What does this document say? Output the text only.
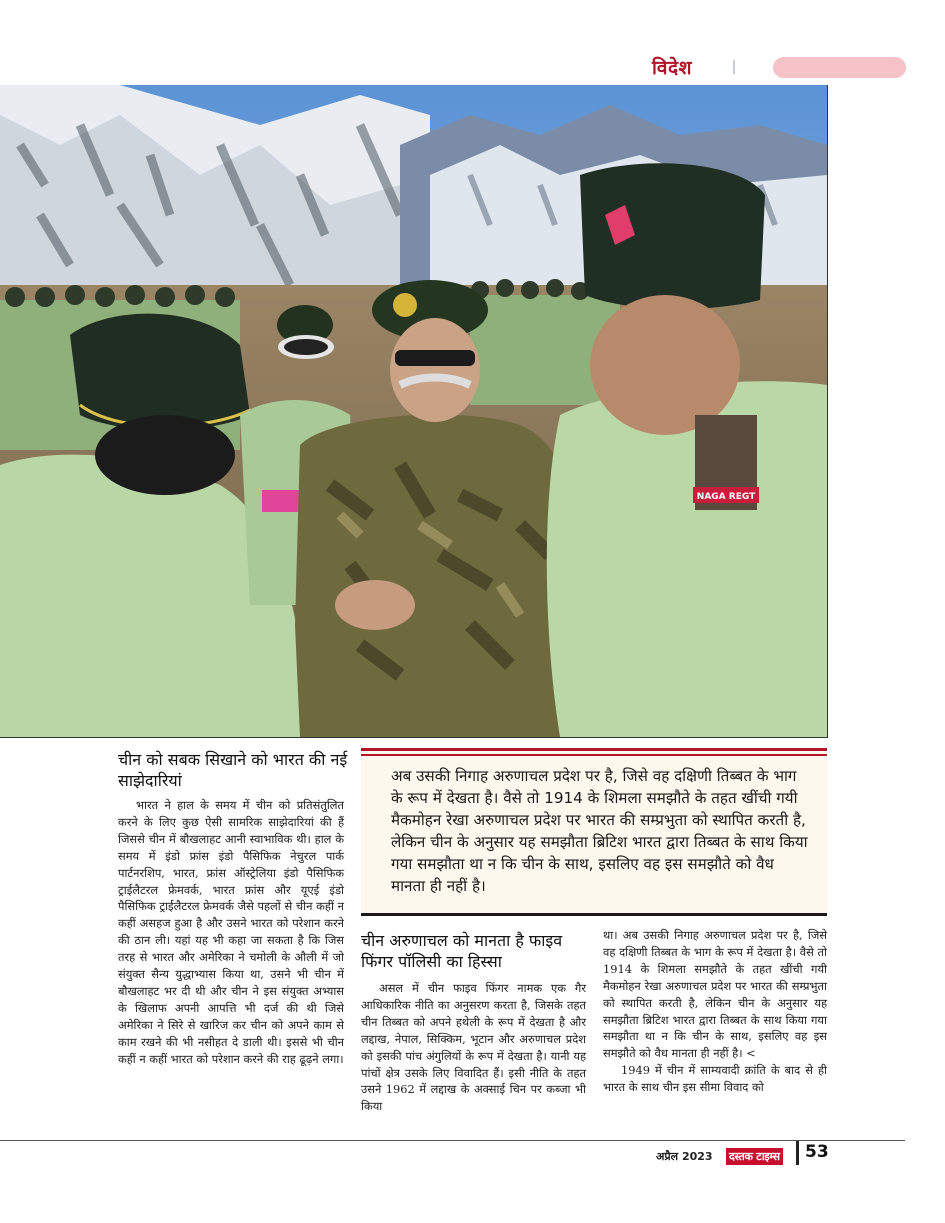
विदेश
NAGA REGT
चीन को सबक सिखाने को भारत की नई साझेदारियां

भारत ने हाल के समय में चीन को प्रतिसंतुलित करने के लिए कुछ ऐसी सामरिक साझेदारियां की हैं जिससे चीन में बौखलाहट आनी स्वाभाविक थी। हाल के समय में इंडो फ्रांस इंडो पैसिफिक नेचुरल पार्क पार्टनरशिप, भारत, फ्रांस ऑस्ट्रेलिया इंडो पैसिफिक ट्राईलैटरल फ्रेमवर्क, भारत फ्रांस और यूएई इंडो पैसिफिक ट्राईलैटरल फ्रेमवर्क जैसे पहलों से चीन कहीं न कहीं असहज हुआ है और उसने भारत को परेशान करने की ठान ली। यहां यह भी कहा जा सकता है कि जिस तरह से भारत और अमेरिका ने चमोली के औली में जो संयुक्त सैन्य युद्धाभ्यास किया था, उसने भी चीन में बौखलाहट भर दी थी और चीन ने इस संयुक्त अभ्यास के खिलाफ अपनी आपत्ति भी दर्ज की थी जिसे अमेरिका ने सिरे से खारिज कर चीन को अपने काम से काम रखने की भी नसीहत दे डाली थी। इससे भी चीन कहीं न कहीं भारत को परेशान करने की राह ढूढ़ने लगा।

अब उसकी निगाह अरुणाचल प्रदेश पर है, जिसे वह दक्षिणी तिब्बत के भाग के रूप में देखता है। वैसे तो 1914 के शिमला समझौते के तहत खींची गयी मैकमोहन रेखा अरुणाचल प्रदेश पर भारत की सम्प्रभुता को स्थापित करती है, लेकिन चीन के अनुसार यह समझौता ब्रिटिश भारत द्वारा तिब्बत के साथ किया गया समझौता था न कि चीन के साथ, इसलिए वह इस समझौते को वैध मानता ही नहीं है।
चीन अरुणाचल को मानता है फाइव फिंगर पॉलिसी का हिस्सा

असल में चीन फाइव फिंगर नामक एक गैर आधिकारिक नीति का अनुसरण करता है, जिसके तहत चीन तिब्बत को अपने हथेली के रूप में देखता है और लद्दाख, नेपाल, सिक्किम, भूटान और अरुणाचल प्रदेश को इसकी पांच अंगुलियों के रूप में देखता है। यानी यह पांचों क्षेत्र उसके लिए विवादित हैं। इसी नीति के तहत उसने 1962 में लद्दाख के अक्साई चिन पर कब्जा भी किया

था। अब उसकी निगाह अरुणाचल प्रदेश पर है, जिसे वह दक्षिणी तिब्बत के भाग के रूप में देखता है। वैसे तो 1914 के शिमला समझौते के तहत खींची गयी मैकमोहन रेखा अरुणाचल प्रदेश पर भारत की सम्प्रभुता को स्थापित करती है, लेकिन चीन के अनुसार यह समझौता ब्रिटिश भारत द्वारा तिब्बत के साथ किया गया समझौता था न कि चीन के साथ, इसलिए वह इस समझौते को वैध मानता ही नहीं है। <

1949 में चीन में साम्यवादी क्रांति के बाद से ही भारत के साथ चीन इस सीमा विवाद को

अप्रैल 2023 दस्तक टाइम्स 53
